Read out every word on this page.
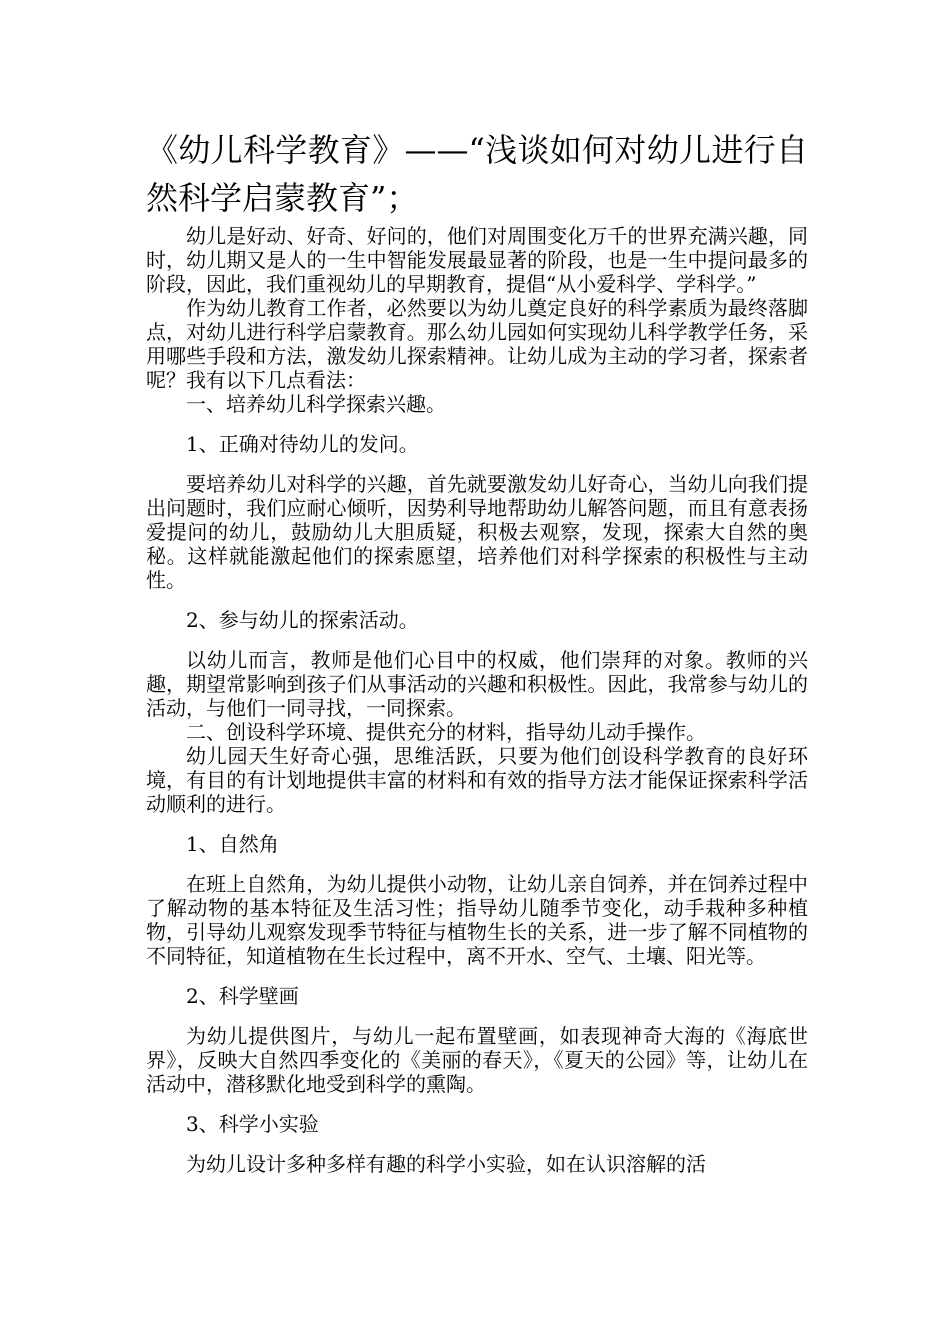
《幼儿科学教育》——“浅谈如何对幼儿进行自然科学启蒙教育”；

幼儿是好动、好奇、好问的，他们对周围变化万千的世界充满兴趣，同时，幼儿期又是人的一生中智能发展最显著的阶段，也是一生中提问最多的阶段，因此，我们重视幼儿的早期教育，提倡“从小爱科学、学科学。”

作为幼儿教育工作者，必然要以为幼儿奠定良好的科学素质为最终落脚点，对幼儿进行科学启蒙教育。那么幼儿园如何实现幼儿科学教学任务，采用哪些手段和方法，激发幼儿探索精神。让幼儿成为主动的学习者，探索者呢？我有以下几点看法：

一、培养幼儿科学探索兴趣。

1、正确对待幼儿的发问。

要培养幼儿对科学的兴趣，首先就要激发幼儿好奇心，当幼儿向我们提出问题时，我们应耐心倾听，因势利导地帮助幼儿解答问题，而且有意表扬爱提问的幼儿，鼓励幼儿大胆质疑，积极去观察，发现，探索大自然的奥秘。这样就能激起他们的探索愿望，培养他们对科学探索的积极性与主动性。

2、参与幼儿的探索活动。

以幼儿而言，教师是他们心目中的权威，他们崇拜的对象。教师的兴趣，期望常影响到孩子们从事活动的兴趣和积极性。因此，我常参与幼儿的活动，与他们一同寻找，一同探索。

二、创设科学环境、提供充分的材料，指导幼儿动手操作。

幼儿园天生好奇心强，思维活跃，只要为他们创设科学教育的良好环境，有目的有计划地提供丰富的材料和有效的指导方法才能保证探索科学活动顺利的进行。

1、自然角

在班上自然角，为幼儿提供小动物，让幼儿亲自饲养，并在饲养过程中了解动物的基本特征及生活习性；指导幼儿随季节变化，动手栽种多种植物，引导幼儿观察发现季节特征与植物生长的关系，进一步了解不同植物的不同特征，知道植物在生长过程中，离不开水、空气、土壤、阳光等。

2、科学壁画

为幼儿提供图片，与幼儿一起布置壁画，如表现神奇大海的《海底世界》，反映大自然四季变化的《美丽的春天》，《夏天的公园》等，让幼儿在活动中，潜移默化地受到科学的熏陶。

3、科学小实验

为幼儿设计多种多样有趣的科学小实验，如在认识溶解的活
